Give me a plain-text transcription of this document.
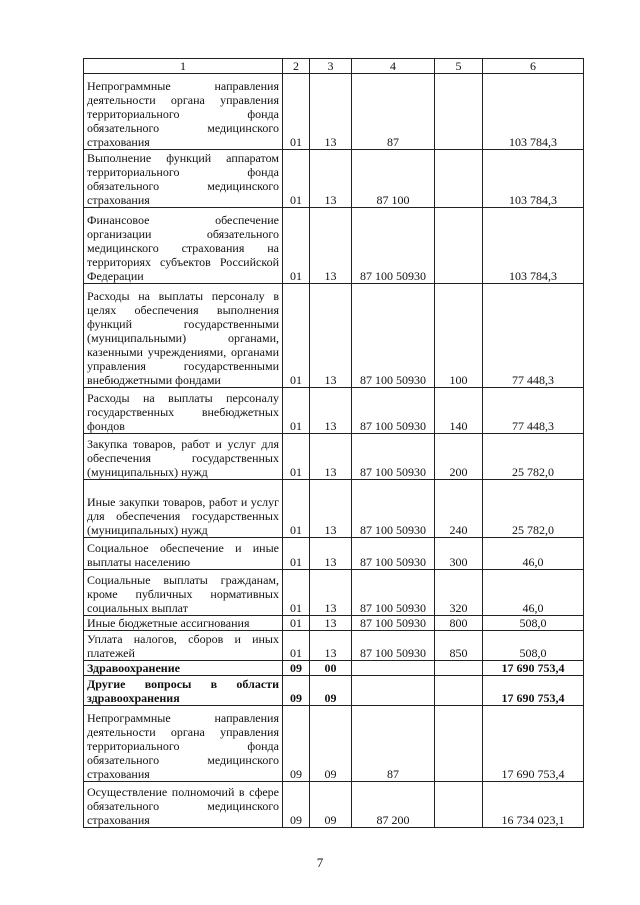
1	2	3	4	5	6
Непрограммные направления деятельности органа управления территориального фонда обязательного медицинского страхования	01	13	87		103 784,3
Выполнение функций аппаратом территориального фонда обязательного медицинского страхования	01	13	87 100		103 784,3
Финансовое обеспечение организации обязательного медицинского страхования на территориях субъектов Российской Федерации	01	13	87 100 50930		103 784,3
Расходы на выплаты персоналу в целях обеспечения выполнения функций государственными (муниципальными) органами, казенными учреждениями, органами управления государственными внебюджетными фондами	01	13	87 100 50930	100	77 448,3
Расходы на выплаты персоналу государственных внебюджетных фондов	01	13	87 100 50930	140	77 448,3
Закупка товаров, работ и услуг для обеспечения государственных (муниципальных) нужд	01	13	87 100 50930	200	25 782,0
Иные закупки товаров, работ и услуг для обеспечения государственных (муниципальных) нужд	01	13	87 100 50930	240	25 782,0
Социальное обеспечение и иные выплаты населению	01	13	87 100 50930	300	46,0
Социальные выплаты гражданам, кроме публичных нормативных социальных выплат	01	13	87 100 50930	320	46,0
Иные бюджетные ассигнования	01	13	87 100 50930	800	508,0
Уплата налогов, сборов и иных платежей	01	13	87 100 50930	850	508,0
Здравоохранение	09	00			17 690 753,4
Другие вопросы в области здравоохранения	09	09			17 690 753,4
Непрограммные направления деятельности органа управления территориального фонда обязательного медицинского страхования	09	09	87		17 690 753,4
Осуществление полномочий в сфере обязательного медицинского страхования	09	09	87 200		16 734 023,1
7
